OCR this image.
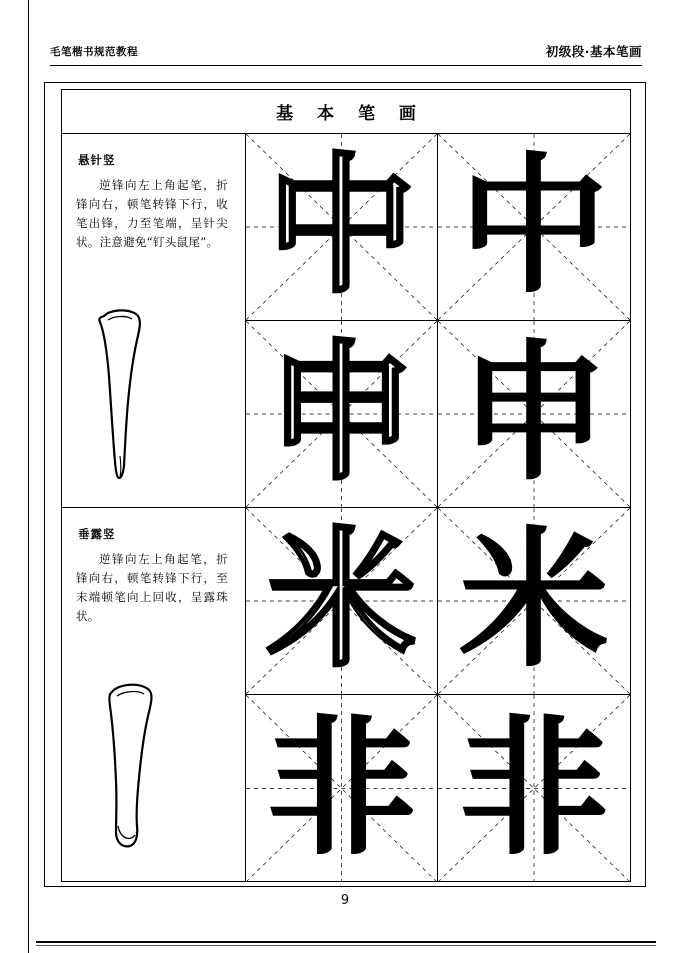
毛笔楷书规范教程	初级段·基本笔画
基 本 笔 画
悬针竖
逆锋向左上角起笔，折锋向右，顿笔转锋下行，收笔出锋，力至笔端，呈针尖状。注意避免“钉头鼠尾”。
垂露竖
逆锋向左上角起笔，折锋向右，顿笔转锋下行，至末端顿笔向上回收，呈露珠状。
中 中
申 申
米 米
非 非
9
